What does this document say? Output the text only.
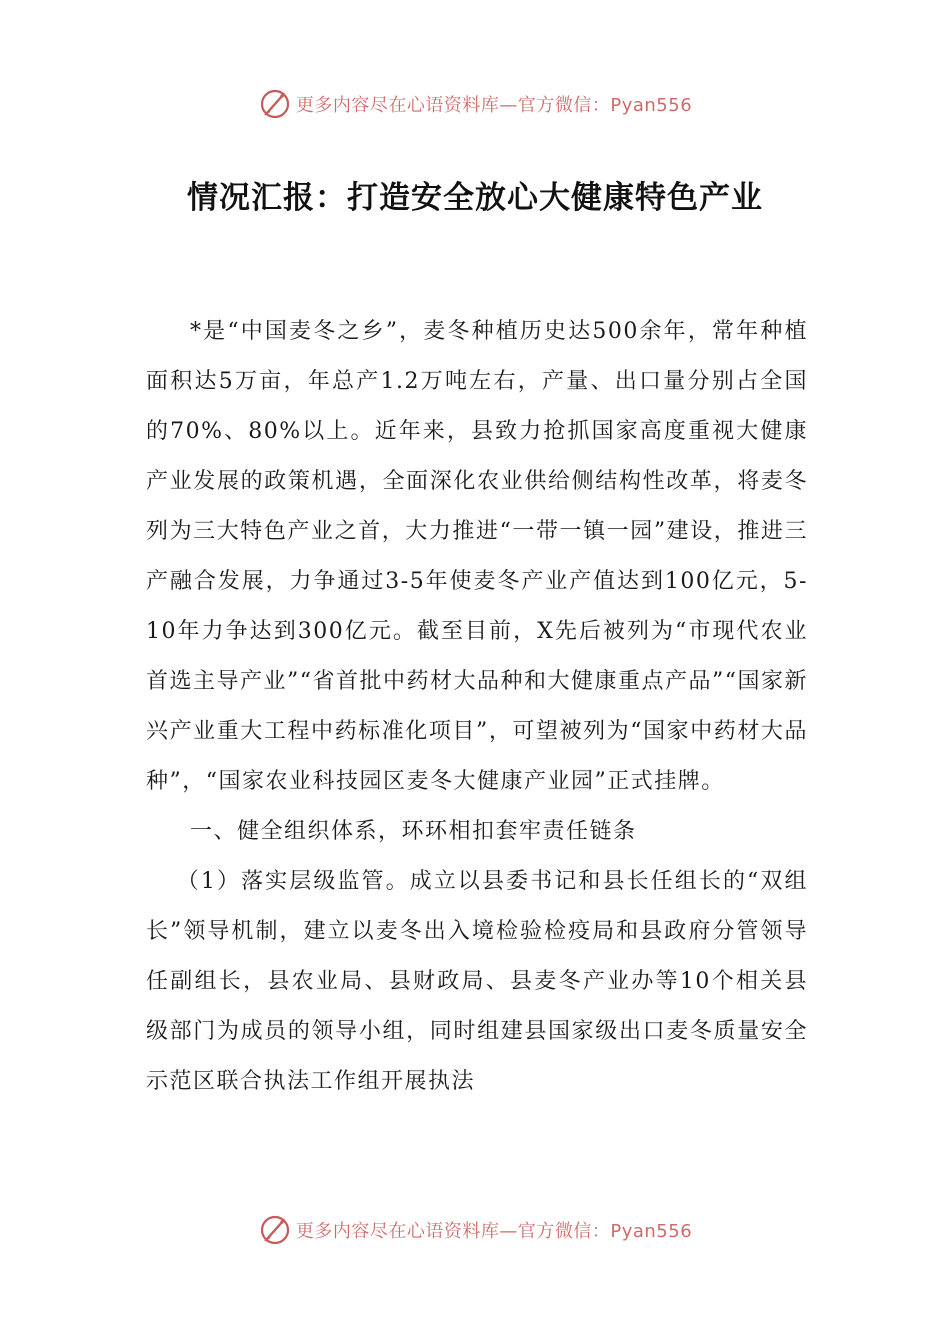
更多内容尽在心语资料库—官方微信：Pyan556
情况汇报：打造安全放心大健康特色产业

*是“中国麦冬之乡”，麦冬种植历史达500余年，常年种植面积达5万亩，年总产1.2万吨左右，产量、出口量分别占全国的70%、80%以上。近年来，县致力抢抓国家高度重视大健康产业发展的政策机遇，全面深化农业供给侧结构性改革，将麦冬列为三大特色产业之首，大力推进“一带一镇一园”建设，推进三产融合发展，力争通过3-5年使麦冬产业产值达到100亿元，5-10年力争达到300亿元。截至目前，X先后被列为“市现代农业首选主导产业”“省首批中药材大品种和大健康重点产品”“国家新兴产业重大工程中药标准化项目”，可望被列为“国家中药材大品种”，“国家农业科技园区麦冬大健康产业园”正式挂牌。

一、健全组织体系，环环相扣套牢责任链条

（1）落实层级监管。成立以县委书记和县长任组长的“双组长”领导机制，建立以麦冬出入境检验检疫局和县政府分管领导任副组长，县农业局、县财政局、县麦冬产业办等10个相关县级部门为成员的领导小组，同时组建县国家级出口麦冬质量安全示范区联合执法工作组开展执法

更多内容尽在心语资料库—官方微信：Pyan556
